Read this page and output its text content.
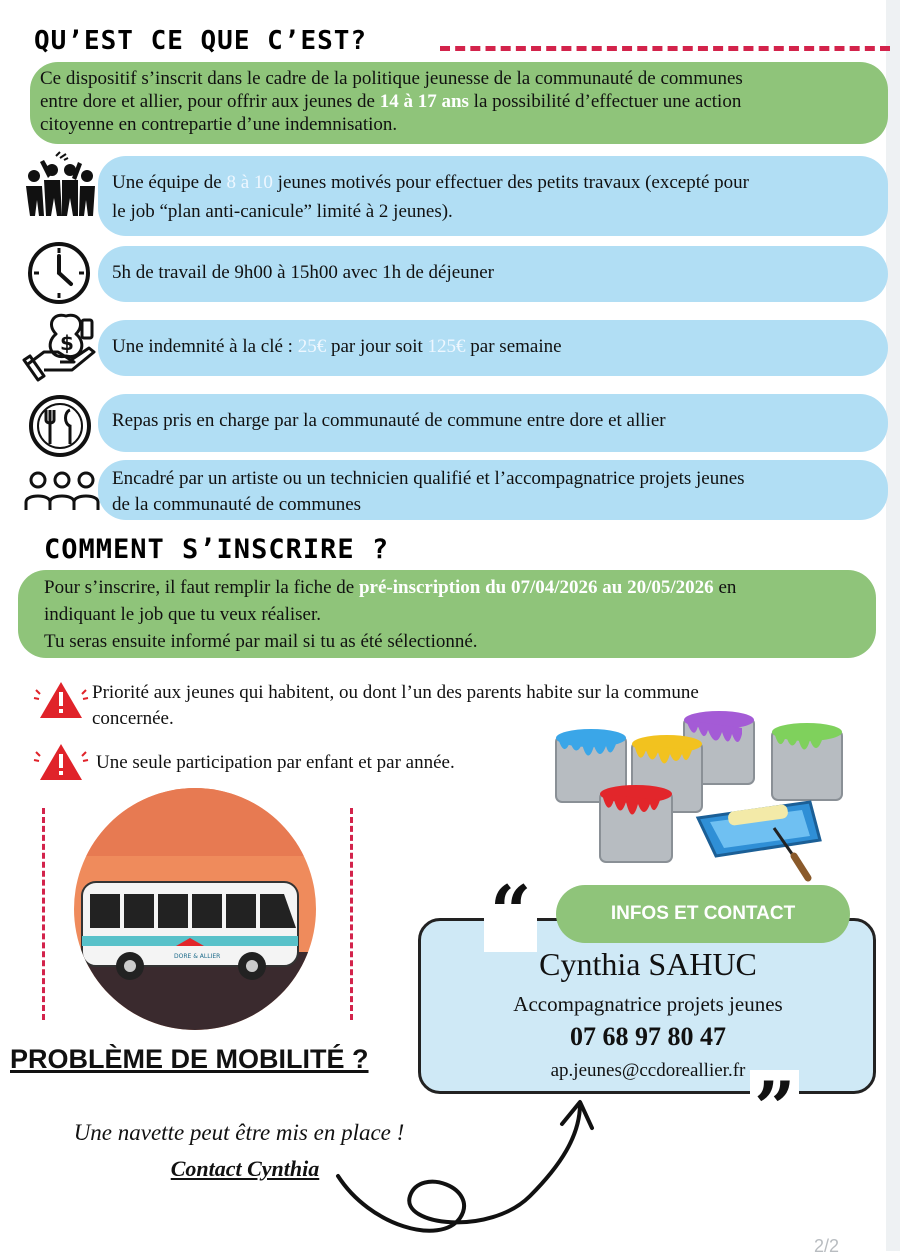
QU’EST CE QUE C’EST?
Ce dispositif s’inscrit dans le cadre de la politique jeunesse de la communauté de communes
entre dore et allier, pour offrir aux jeunes de 14 à 17 ans la possibilité d’effectuer une action
citoyenne en contrepartie d’une indemnisation.
Une équipe de 8 à 10 jeunes motivés pour effectuer des petits travaux (excepté pour
le job “plan anti-canicule” limité à 2 jeunes).
5h de travail de 9h00 à 15h00 avec 1h de déjeuner
$	Une indemnité à la clé : 25€ par jour soit 125€ par semaine
Repas pris en charge par la communauté de commune entre dore et allier
Encadré par un artiste ou un technicien qualifié et l’accompagnatrice projets jeunes
de la communauté de communes
COMMENT S’INSCRIRE ?
Pour s’inscrire, il faut remplir la fiche de pré-inscription du 07/04/2026 au 20/05/2026 en
indiquant le job que tu veux réaliser.
Tu seras ensuite informé par mail si tu as été sélectionné.
Priorité aux jeunes qui habitent, ou dont l’un des parents habite sur la commune
concernée.
Une seule participation par enfant et par année.
DORE & ALLIER
PROBLÈME DE MOBILITÉ ?
Une navette peut être mis en place !
Contact Cynthia
“	INFOS ET CONTACT
Cynthia SAHUC
Accompagnatrice projets jeunes
07 68 97 80 47
ap.jeunes@ccdoreallier.fr ”
2/2
